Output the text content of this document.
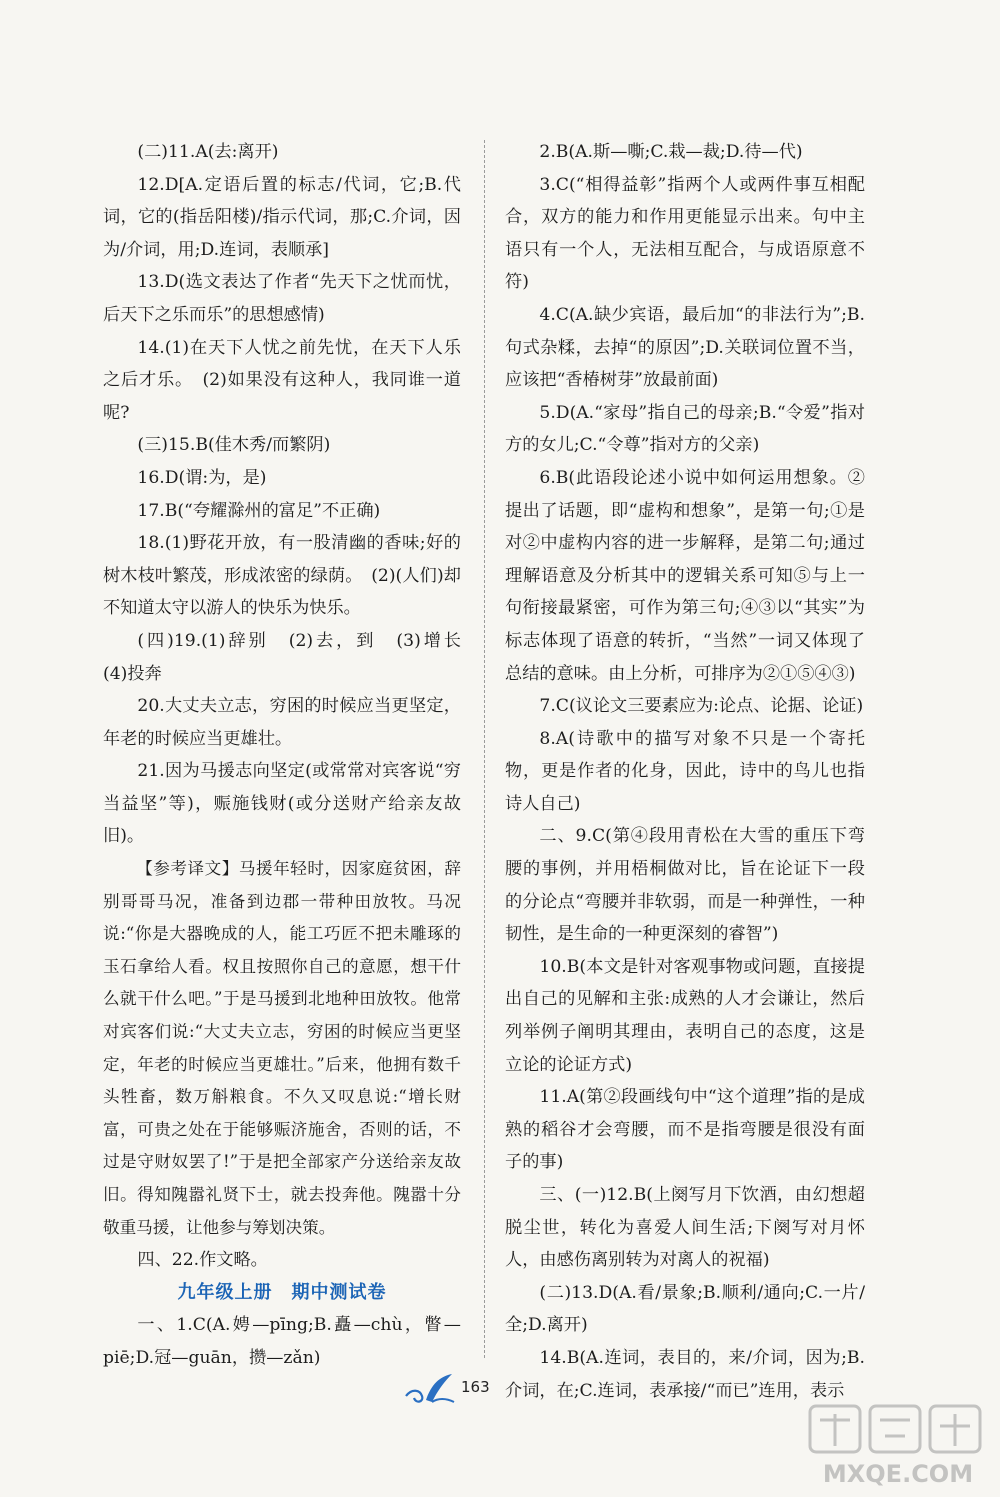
(二)11.A(去:离开)

12.D[A.定语后置的标志/代词，它;B.代词，它的(指岳阳楼)/指示代词，那;C.介词，因为/介词，用;D.连词，表顺承]

13.D(选文表达了作者“先天下之忧而忧，后天下之乐而乐”的思想感情)

14.(1)在天下人忧之前先忧，在天下人乐之后才乐。　(2)如果没有这种人，我同谁一道呢?

(三)15.B(佳木秀/而繁阴)

16.D(谓:为，是)

17.B(“夸耀滁州的富足”不正确)

18.(1)野花开放，有一股清幽的香味;好的树木枝叶繁茂，形成浓密的绿荫。　(2)(人们)却不知道太守以游人的快乐为快乐。

(四)19.(1)辞别　(2)去，到　(3)增长　(4)投奔

20.大丈夫立志，穷困的时候应当更坚定，年老的时候应当更雄壮。

21.因为马援志向坚定(或常常对宾客说“穷当益坚”等)，赈施钱财(或分送财产给亲友故旧)。

【参考译文】马援年轻时，因家庭贫困，辞别哥哥马况，准备到边郡一带种田放牧。马况说:“你是大器晚成的人，能工巧匠不把未雕琢的玉石拿给人看。权且按照你自己的意愿，想干什么就干什么吧。”于是马援到北地种田放牧。他常对宾客们说:“大丈夫立志，穷困的时候应当更坚定，年老的时候应当更雄壮。”后来，他拥有数千头牲畜，数万斛粮食。不久又叹息说:“增长财富，可贵之处在于能够赈济施舍，否则的话，不过是守财奴罢了!”于是把全部家产分送给亲友故旧。得知隗嚣礼贤下士，就去投奔他。隗嚣十分敬重马援，让他参与筹划决策。

四、22.作文略。

九年级上册　期中测试卷

一、1.C(A.娉—pīng;B.矗—chù，瞥—piē;D.冠—guān，攒—zǎn)

2.B(A.斯—嘶;C.栽—裁;D.待—代)

3.C(“相得益彰”指两个人或两件事互相配合，双方的能力和作用更能显示出来。句中主语只有一个人，无法相互配合，与成语原意不符)

4.C(A.缺少宾语，最后加“的非法行为”;B.句式杂糅，去掉“的原因”;D.关联词位置不当，应该把“香椿树芽”放最前面)

5.D(A.“家母”指自己的母亲;B.“令爱”指对方的女儿;C.“令尊”指对方的父亲)

6.B(此语段论述小说中如何运用想象。②提出了话题，即“虚构和想象”，是第一句;①是对②中虚构内容的进一步解释，是第二句;通过理解语意及分析其中的逻辑关系可知⑤与上一句衔接最紧密，可作为第三句;④③以“其实”为标志体现了语意的转折，“当然”一词又体现了总结的意味。由上分析，可排序为②①⑤④③)

7.C(议论文三要素应为:论点、论据、论证)

8.A(诗歌中的描写对象不只是一个寄托物，更是作者的化身，因此，诗中的鸟儿也指诗人自己)

二、9.C(第④段用青松在大雪的重压下弯腰的事例，并用梧桐做对比，旨在论证下一段的分论点“弯腰并非软弱，而是一种弹性，一种韧性，是生命的一种更深刻的睿智”)

10.B(本文是针对客观事物或问题，直接提出自己的见解和主张:成熟的人才会谦让，然后列举例子阐明其理由，表明自己的态度，这是立论的论证方式)

11.A(第②段画线句中“这个道理”指的是成熟的稻谷才会弯腰，而不是指弯腰是很没有面子的事)

三、(一)12.B(上阕写月下饮酒，由幻想超脱尘世，转化为喜爱人间生活;下阕写对月怀人，由感伤离别转为对离人的祝福)

(二)13.D(A.看/景象;B.顺利/通向;C.一片/全;D.离开)

14.B(A.连词，表目的，来/介词，因为;B.介词，在;C.连词，表承接/“而已”连用，表示

163
MXQE.COM
